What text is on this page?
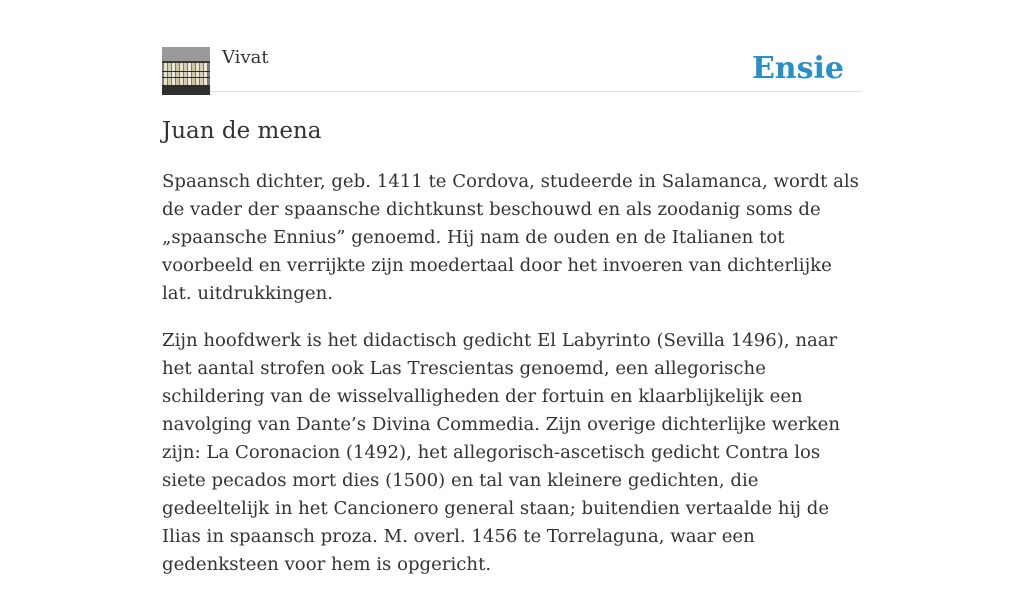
Vivat	Ensie
Juan de mena

Spaansch dichter, geb. 1411 te Cordova, studeerde in Salamanca, wordt als de vader der spaansche dichtkunst beschouwd en als zoodanig soms de „spaansche Ennius” genoemd. Hij nam de ouden en de Italianen tot voorbeeld en verrijkte zijn moedertaal door het invoeren van dichterlijke lat. uitdrukkingen.

Zijn hoofdwerk is het didactisch gedicht El Labyrinto (Sevilla 1496), naar het aantal strofen ook Las Trescientas genoemd, een allegorische schildering van de wisselvalligheden der fortuin en klaarblijkelijk een navolging van Dante’s Divina Commedia. Zijn overige dichterlijke werken zijn: La Coronacion (1492), het allegorisch-ascetisch gedicht Contra los siete pecados mort dies (1500) en tal van kleinere gedichten, die gedeeltelijk in het Cancionero general staan; buitendien vertaalde hij de Ilias in spaansch proza. M. overl. 1456 te Torrelaguna, waar een gedenksteen voor hem is opgericht.
